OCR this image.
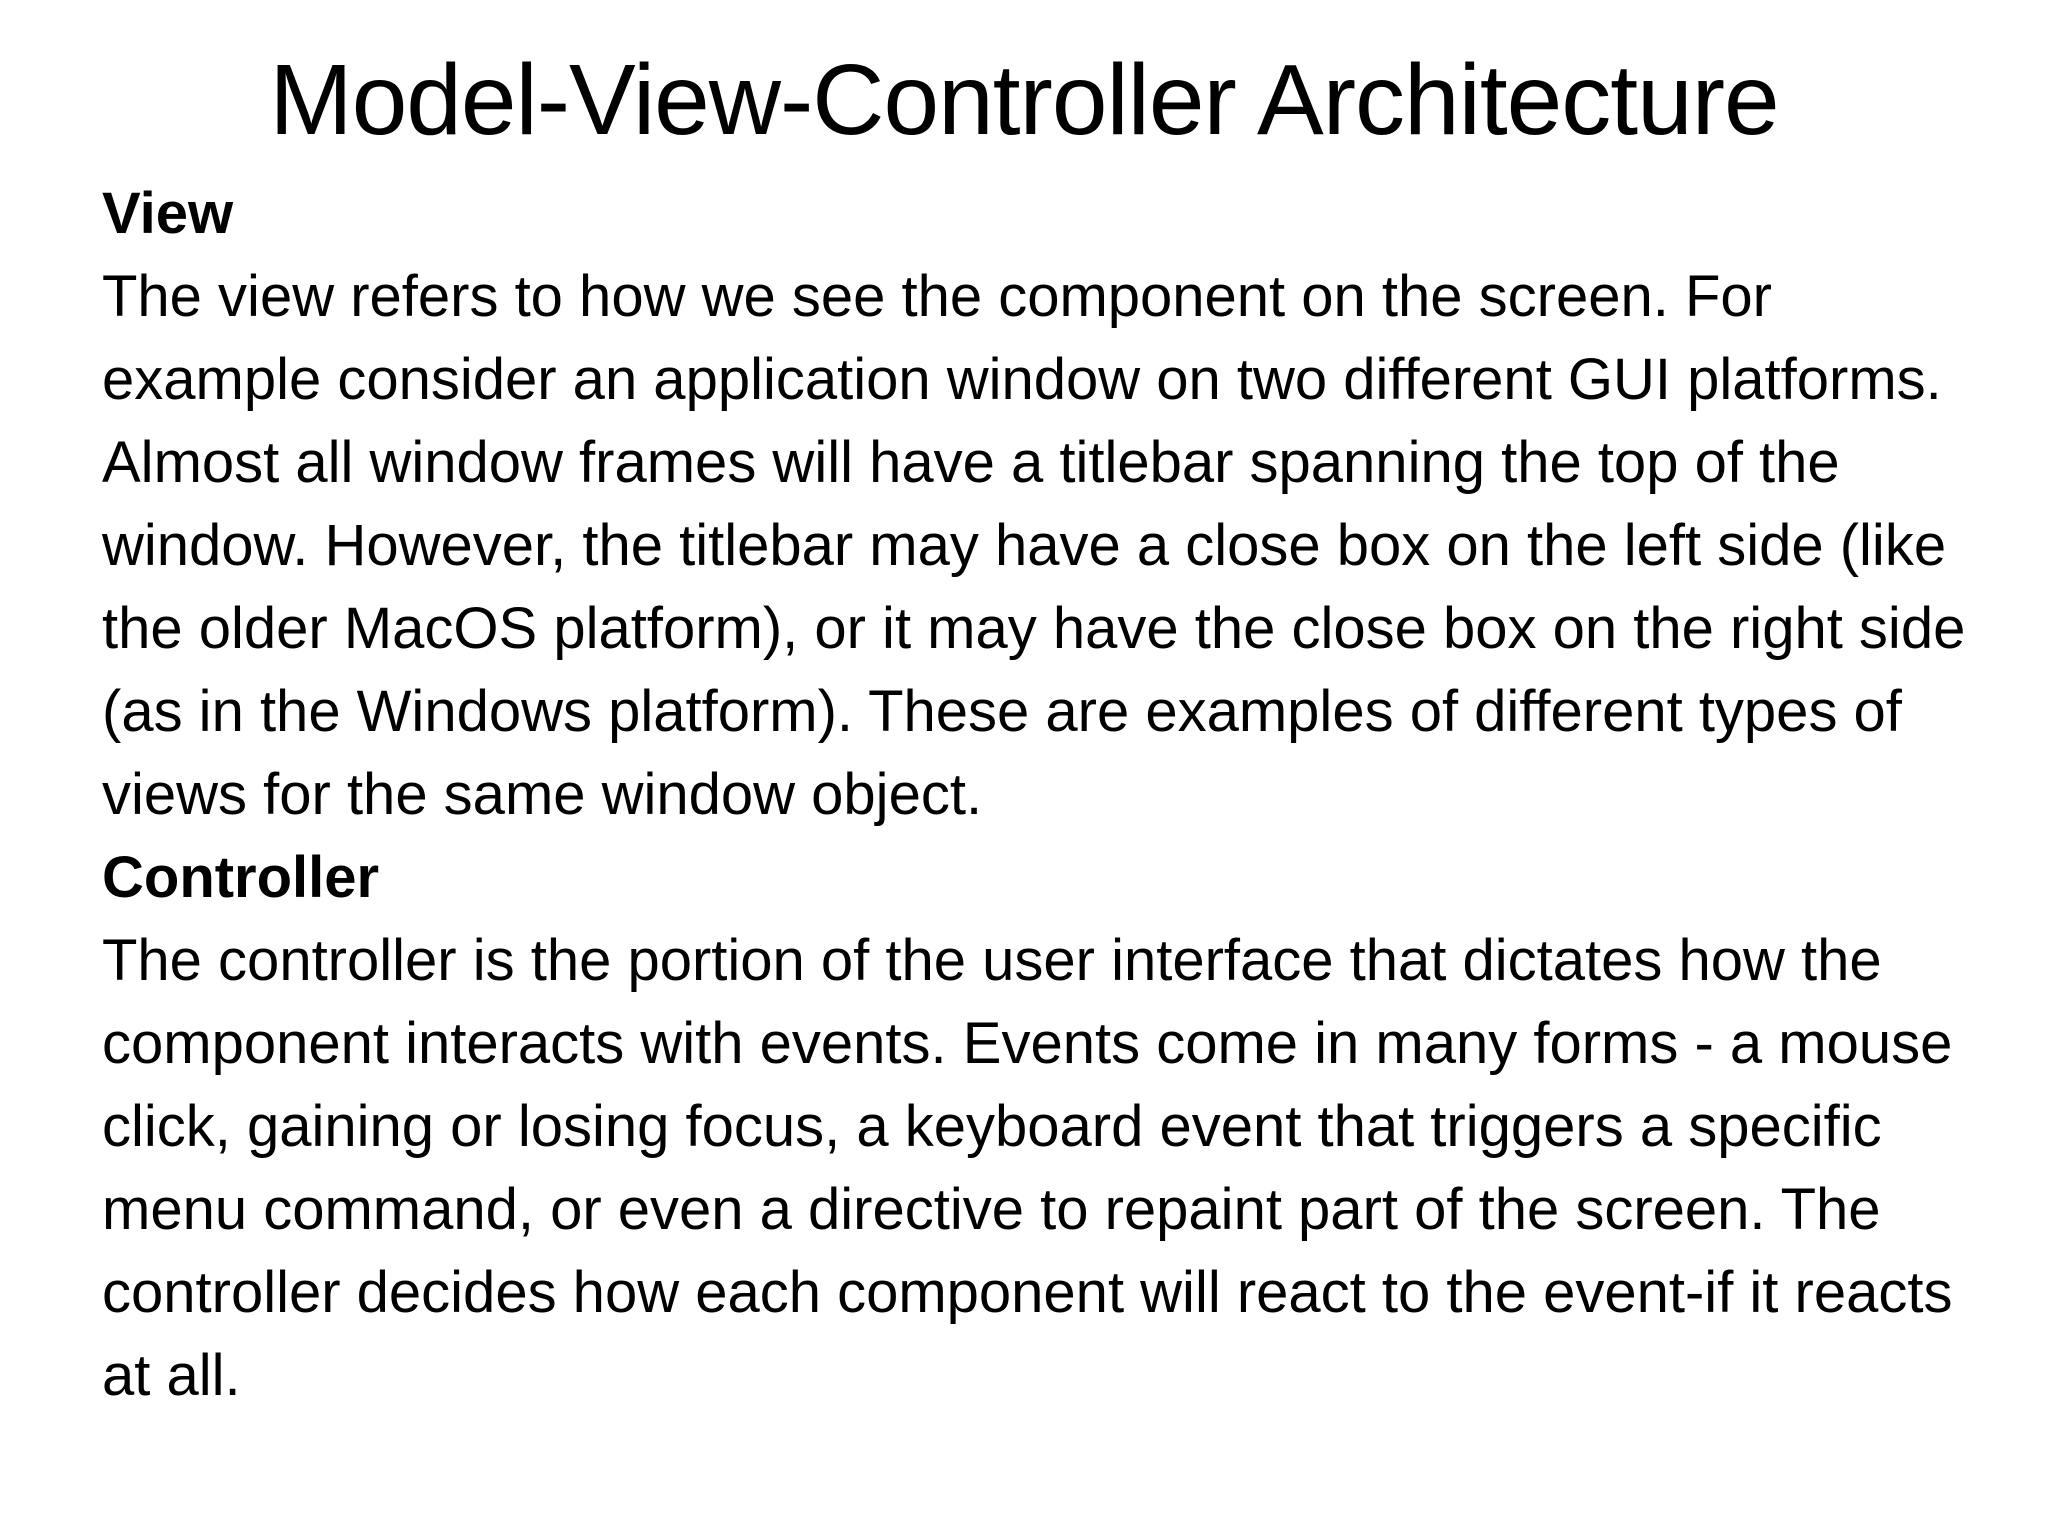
Model-View-Controller Architecture

View

The view refers to how we see the component on the screen. For example consider an application window on two different GUI platforms. Almost all window frames will have a titlebar spanning the top of the window. However, the titlebar may have a close box on the left side (like the older MacOS platform), or it may have the close box on the right side (as in the Windows platform). These are examples of different types of views for the same window object.

Controller

The controller is the portion of the user interface that dictates how the component interacts with events. Events come in many forms - a mouse click, gaining or losing focus, a keyboard event that triggers a specific menu command, or even a directive to repaint part of the screen. The controller decides how each component will react to the event-if it reacts at all.
